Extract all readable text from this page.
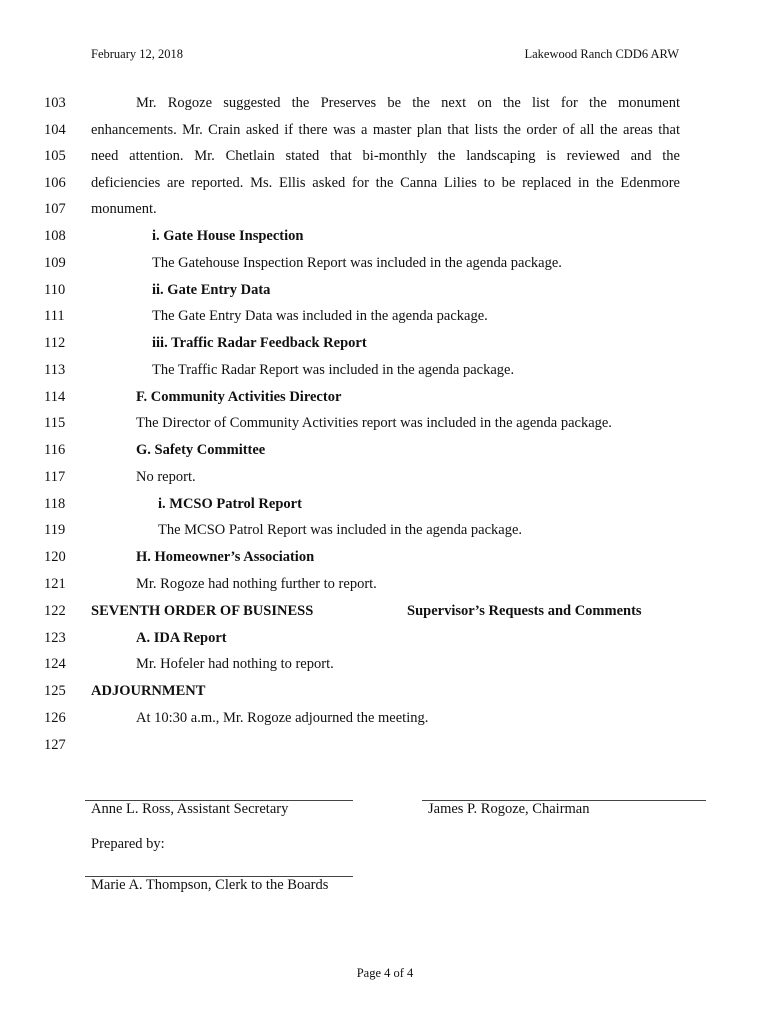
February 12, 2018	Lakewood Ranch CDD6 ARW
103	Mr. Rogoze suggested the Preserves be the next on the list for the monument
104	enhancements. Mr. Crain asked if there was a master plan that lists the order of all the areas that
105	need attention. Mr. Chetlain stated that bi-monthly the landscaping is reviewed and the
106	deficiencies are reported. Ms. Ellis asked for the Canna Lilies to be replaced in the Edenmore
107	monument.
108	i. Gate House Inspection
109	The Gatehouse Inspection Report was included in the agenda package.
110	ii. Gate Entry Data
111	The Gate Entry Data was included in the agenda package.
112	iii. Traffic Radar Feedback Report
113	The Traffic Radar Report was included in the agenda package.
114	F. Community Activities Director
115	The Director of Community Activities report was included in the agenda package.
116	G. Safety Committee
117	No report.
118	i. MCSO Patrol Report
119	The MCSO Patrol Report was included in the agenda package.
120	H. Homeowner’s Association
121	Mr. Rogoze had nothing further to report.
122	SEVENTH ORDER OF BUSINESS	Supervisor’s Requests and Comments
123	A. IDA Report
124	Mr. Hofeler had nothing to report.
125	ADJOURNMENT
126	At 10:30 a.m., Mr. Rogoze adjourned the meeting.
127
Anne L. Ross, Assistant Secretary	James P. Rogoze, Chairman
Prepared by:
Marie A. Thompson, Clerk to the Boards
Page 4 of 4
